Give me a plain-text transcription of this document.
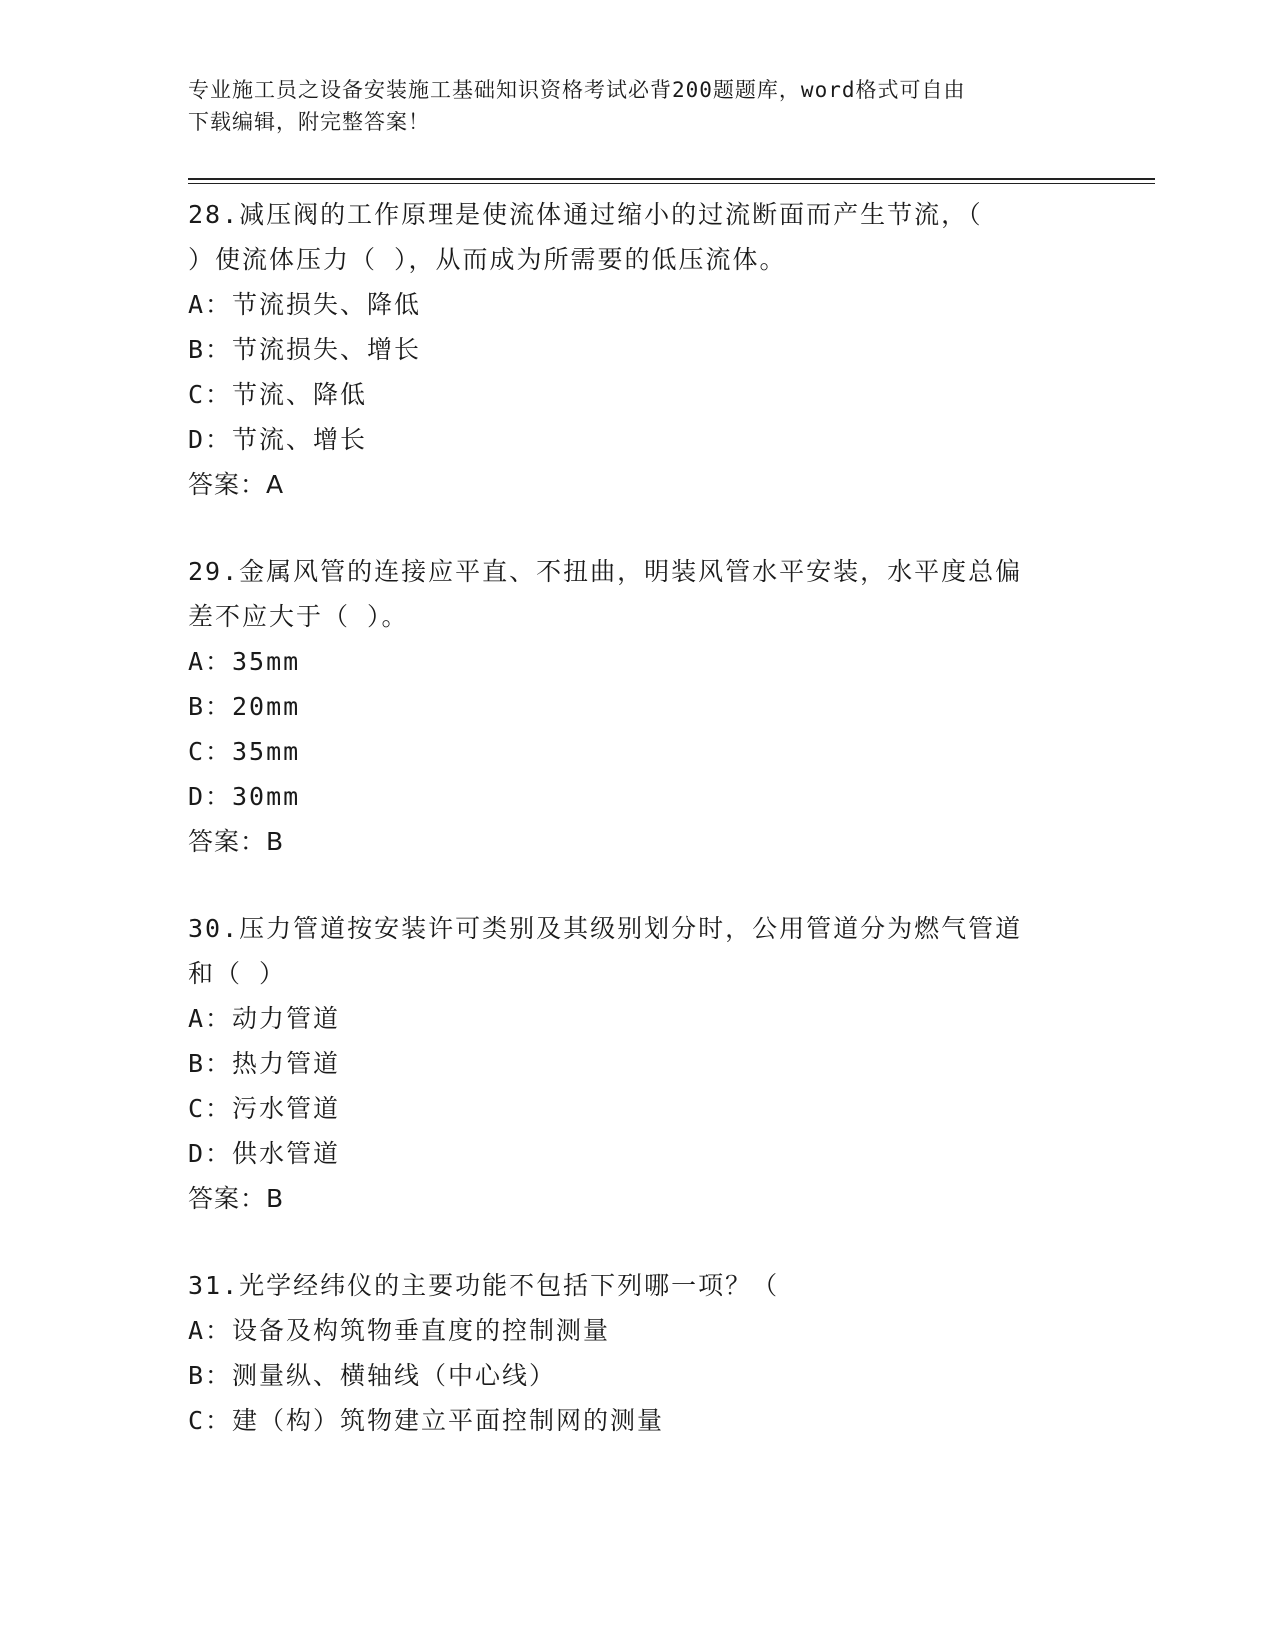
专业施工员之设备安装施工基础知识资格考试必背200题题库，word格式可自由
下载编辑，附完整答案！

28.减压阀的工作原理是使流体通过缩小的过流断面而产生节流，（

）使流体压力（ ），从而成为所需要的低压流体。

A：节流损失、降低

B：节流损失、增长

C：节流、降低

D：节流、增长

答案：A

29.金属风管的连接应平直、不扭曲，明装风管水平安装，水平度总偏

差不应大于（ ）。

A：35mm

B：20mm

C：35mm

D：30mm

答案：B

30.压力管道按安装许可类别及其级别划分时，公用管道分为燃气管道

和（ ）

A：动力管道

B：热力管道

C：污水管道

D：供水管道

答案：B

31.光学经纬仪的主要功能不包括下列哪一项？（

A：设备及构筑物垂直度的控制测量

B：测量纵、横轴线（中心线）

C：建（构）筑物建立平面控制网的测量
